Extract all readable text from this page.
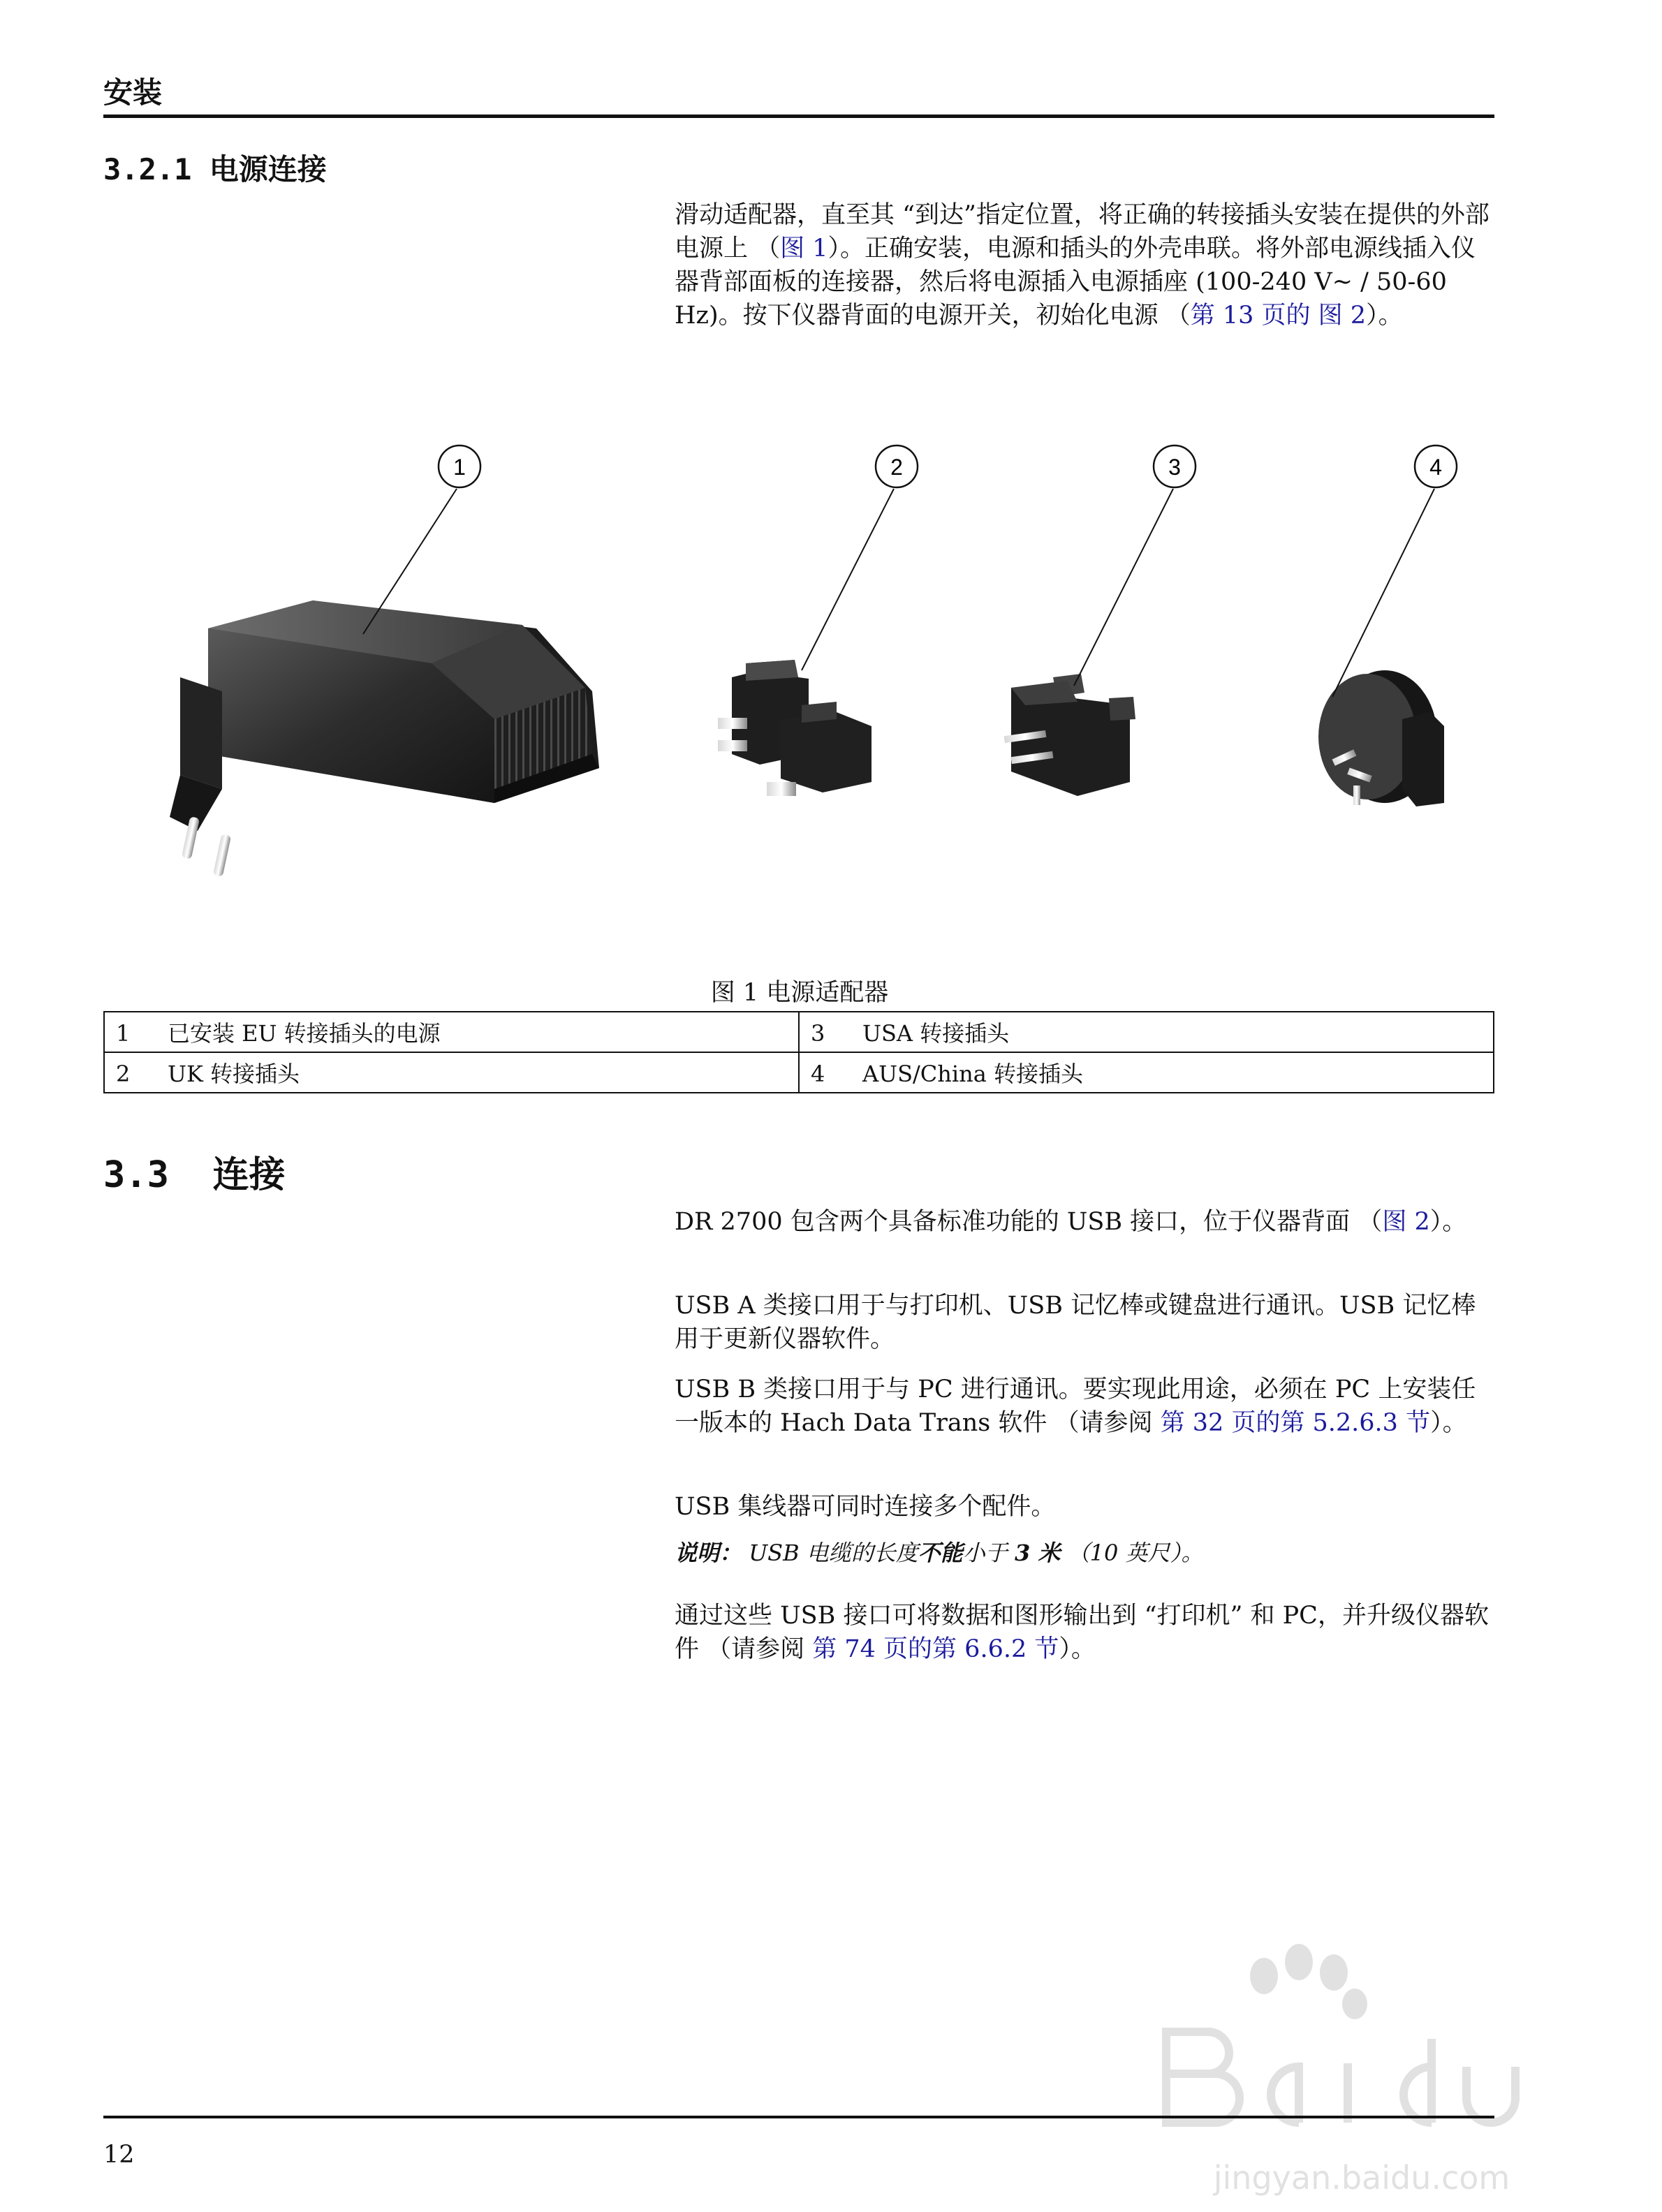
安装
3.2.1 电源连接
滑动适配器，直至其 “到达”指定位置，将正确的转接插头安装在提供的外部电源上 （图 1）。正确安装，电源和插头的外壳串联。将外部电源线插入仪器背部面板的连接器，然后将电源插入电源插座 (100-240 V~ / 50-60 Hz)。按下仪器背面的电源开关，初始化电源 （第 13 页的 图 2）。
1	2	3	4
图 1 电源适配器
1 已安装 EU 转接插头的电源	3 USA 转接插头
2 UK 转接插头	4 AUS/China 转接插头
3.3 连接
DR 2700 包含两个具备标准功能的 USB 接口，位于仪器背面 （图 2）。
USB A 类接口用于与打印机、USB 记忆棒或键盘进行通讯。USB 记忆棒用于更新仪器软件。
USB B 类接口用于与 PC 进行通讯。要实现此用途，必须在 PC 上安装任一版本的 Hach Data Trans 软件 （请参阅 第 32 页的第 5.2.6.3 节）。
USB 集线器可同时连接多个配件。
说明： USB 电缆的长度不能小于 3 米 （10 英尺）。
通过这些 USB 接口可将数据和图形输出到 “打印机” 和 PC，并升级仪器软件 （请参阅 第 74 页的第 6.6.2 节）。
jingyan.baidu.com
12
